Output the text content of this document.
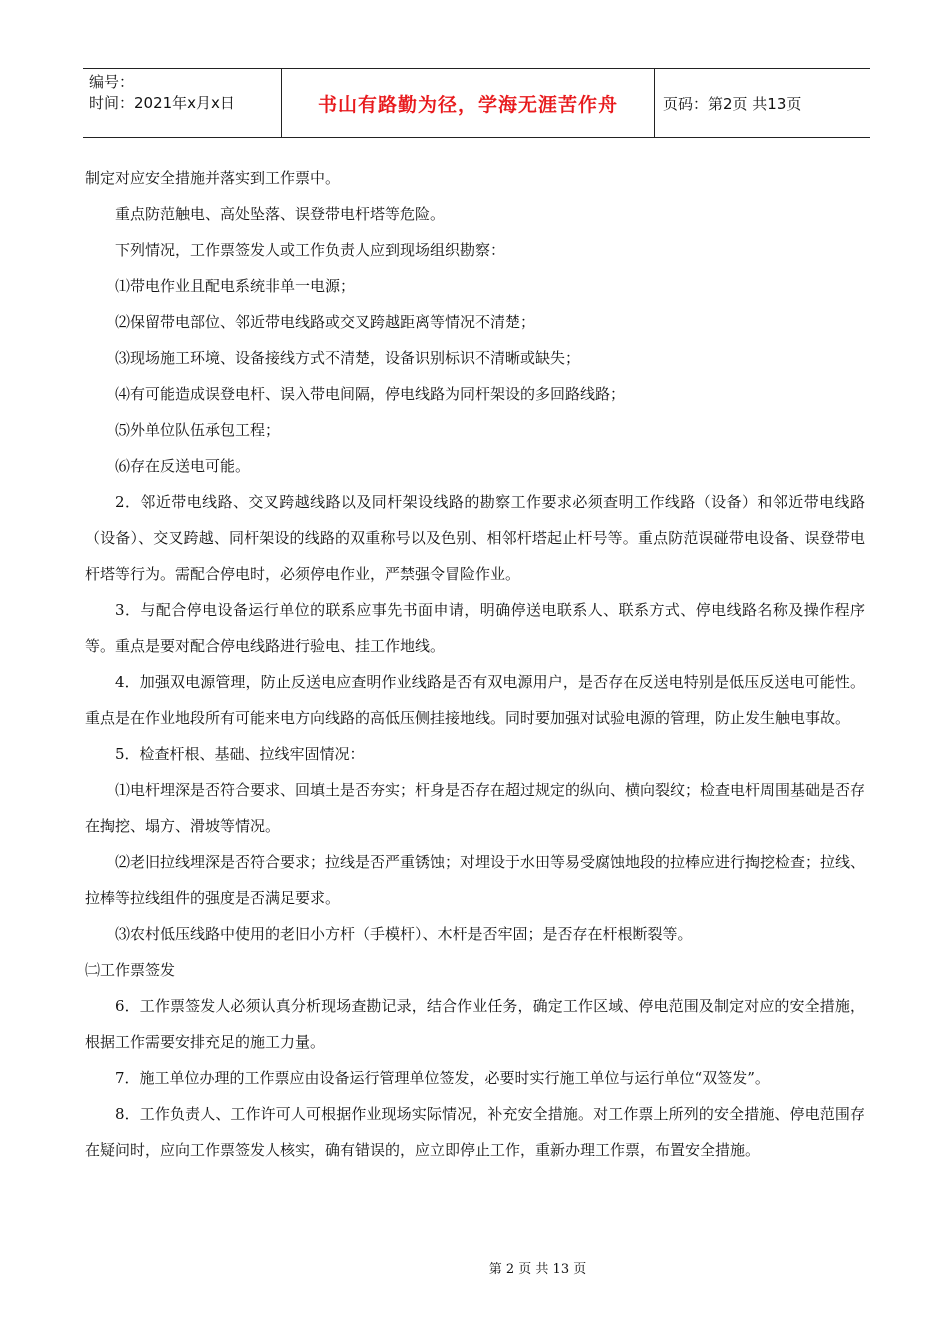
编号：
时间：2021年x月x日	书山有路勤为径，学海无涯苦作舟	页码：第2页 共13页

制定对应安全措施并落实到工作票中。

重点防范触电、高处坠落、误登带电杆塔等危险。

下列情况，工作票签发人或工作负责人应到现场组织勘察：

⑴带电作业且配电系统非单一电源；

⑵保留带电部位、邻近带电线路或交叉跨越距离等情况不清楚；

⑶现场施工环境、设备接线方式不清楚，设备识别标识不清晰或缺失；

⑷有可能造成误登电杆、误入带电间隔，停电线路为同杆架设的多回路线路；

⑸外单位队伍承包工程；

⑹存在反送电可能。

2．邻近带电线路、交叉跨越线路以及同杆架设线路的勘察工作要求必须查明工作线路（设备）和邻近带电线路（设备）、交叉跨越、同杆架设的线路的双重称号以及色别、相邻杆塔起止杆号等。重点防范误碰带电设备、误登带电杆塔等行为。需配合停电时，必须停电作业，严禁强令冒险作业。

3．与配合停电设备运行单位的联系应事先书面申请，明确停送电联系人、联系方式、停电线路名称及操作程序等。重点是要对配合停电线路进行验电、挂工作地线。

4．加强双电源管理，防止反送电应查明作业线路是否有双电源用户，是否存在反送电特别是低压反送电可能性。重点是在作业地段所有可能来电方向线路的高低压侧挂接地线。同时要加强对试验电源的管理，防止发生触电事故。

5．检查杆根、基础、拉线牢固情况：

⑴电杆埋深是否符合要求、回填土是否夯实；杆身是否存在超过规定的纵向、横向裂纹；检查电杆周围基础是否存在掏挖、塌方、滑坡等情况。

⑵老旧拉线埋深是否符合要求；拉线是否严重锈蚀；对埋设于水田等易受腐蚀地段的拉棒应进行掏挖检查；拉线、拉棒等拉线组件的强度是否满足要求。

⑶农村低压线路中使用的老旧小方杆（手模杆）、木杆是否牢固；是否存在杆根断裂等。

㈡工作票签发

6．工作票签发人必须认真分析现场查勘记录，结合作业任务，确定工作区域、停电范围及制定对应的安全措施，根据工作需要安排充足的施工力量。

7．施工单位办理的工作票应由设备运行管理单位签发，必要时实行施工单位与运行单位“双签发”。

8．工作负责人、工作许可人可根据作业现场实际情况，补充安全措施。对工作票上所列的安全措施、停电范围存在疑问时，应向工作票签发人核实，确有错误的，应立即停止工作，重新办理工作票，布置安全措施。

第 2 页 共 13 页
